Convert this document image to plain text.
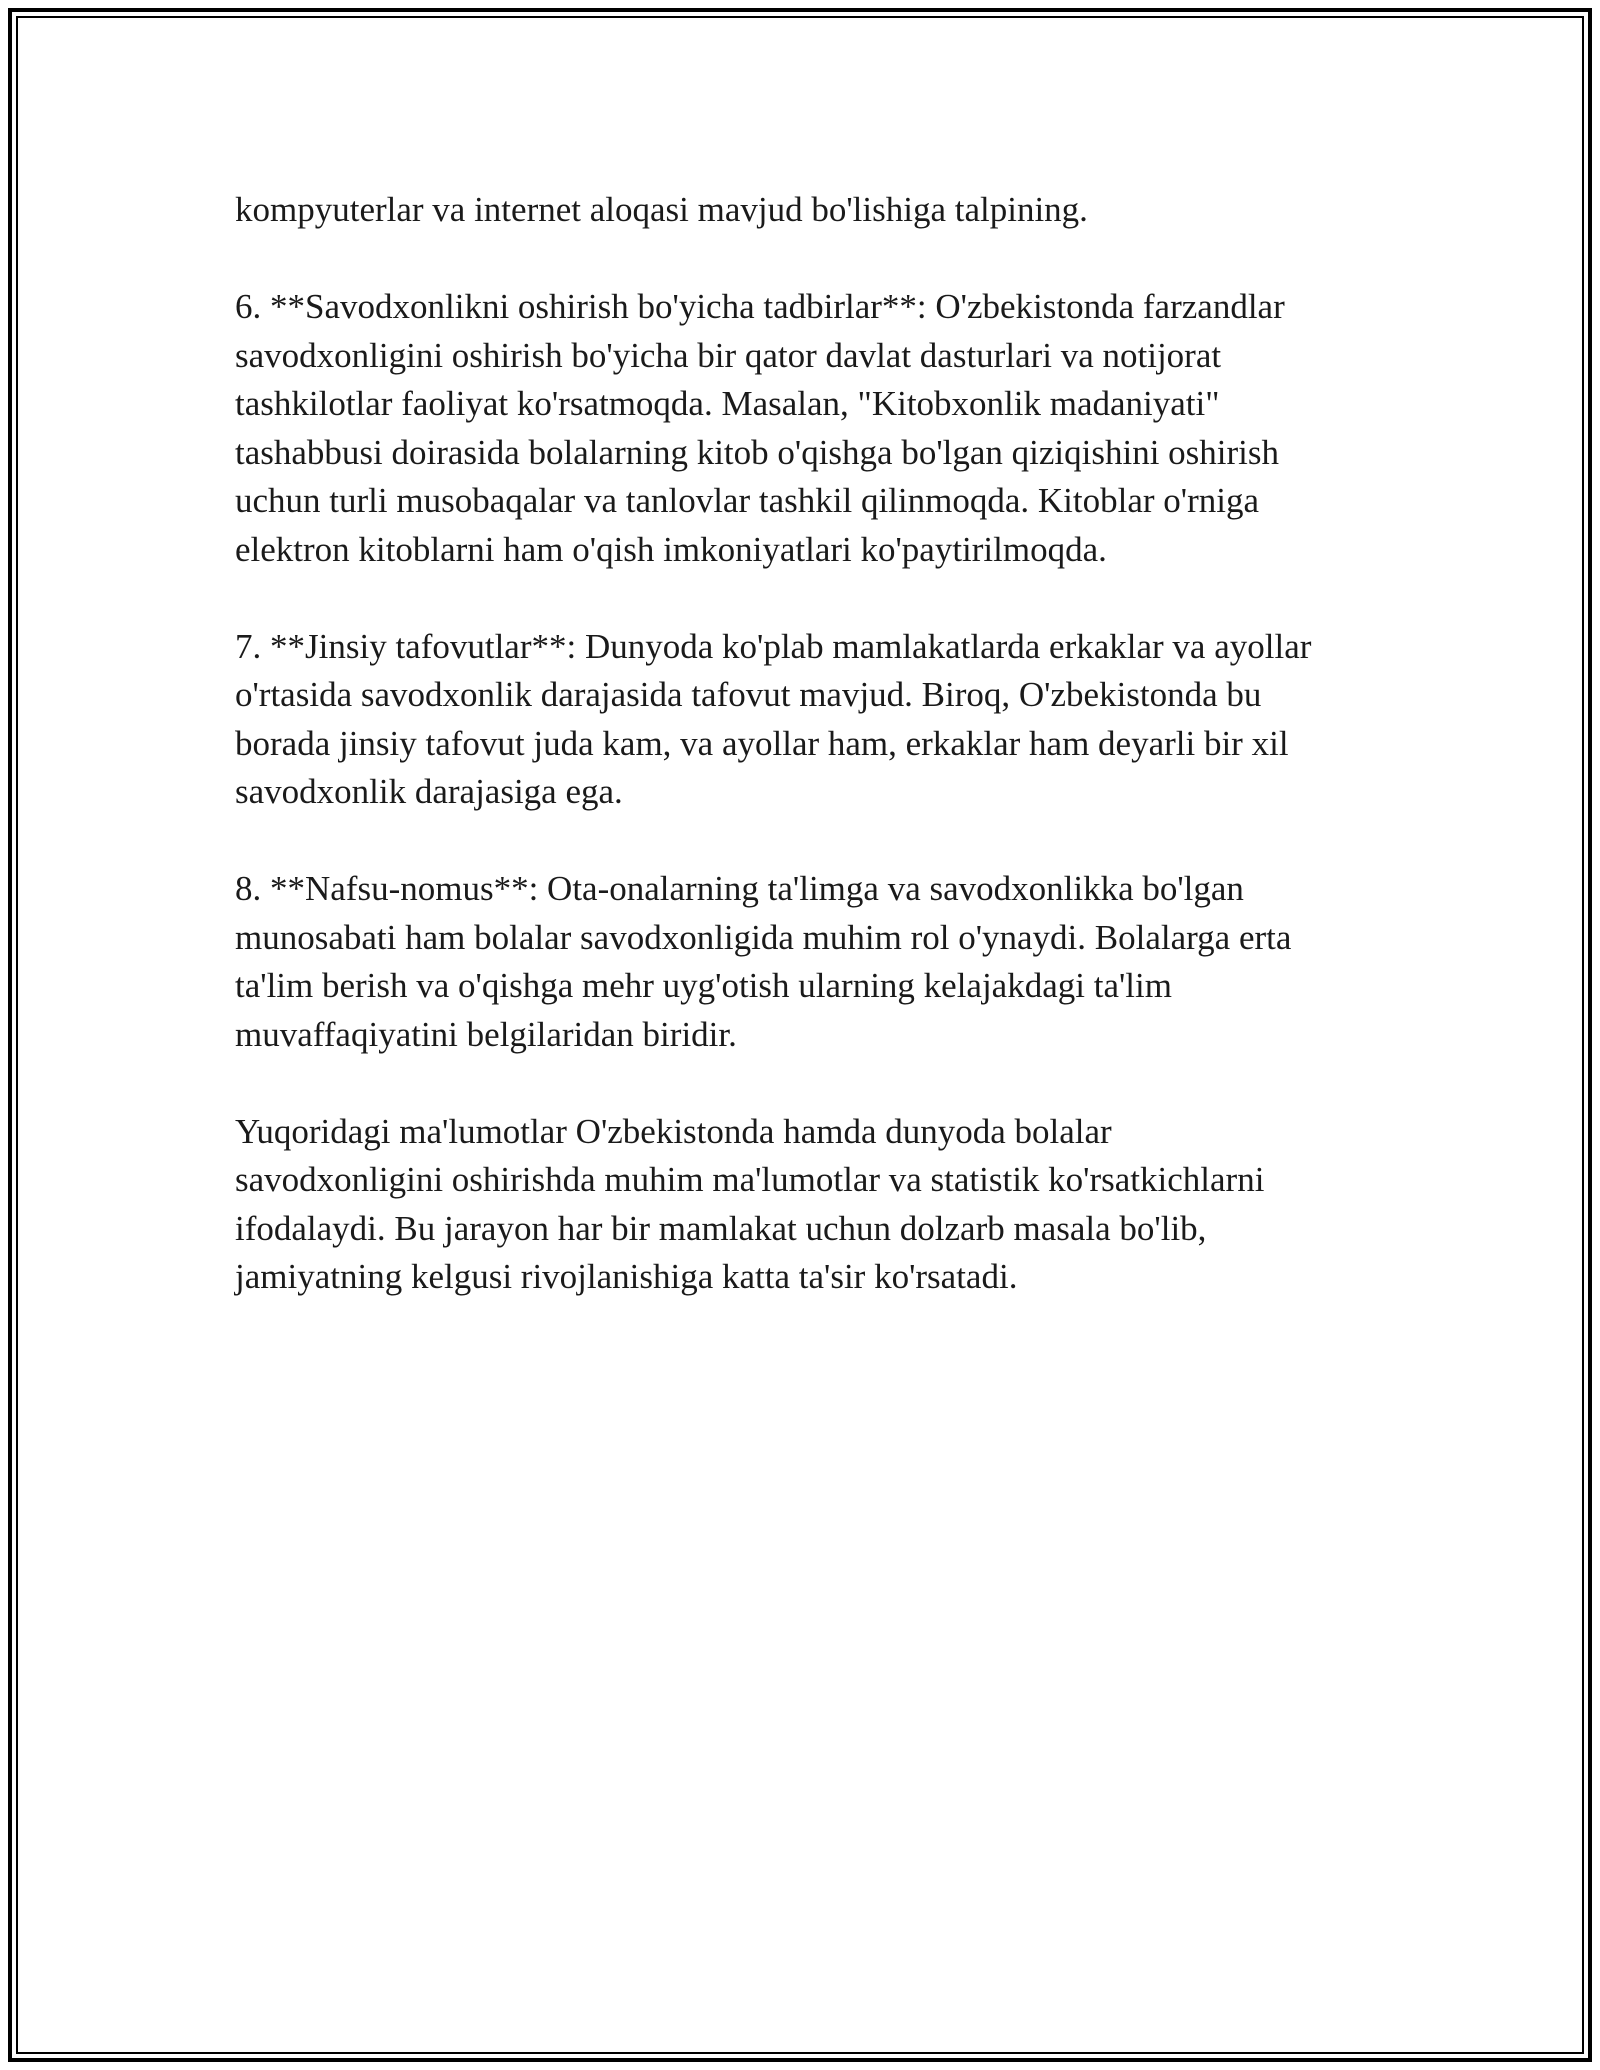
kompyuterlar va internet aloqasi mavjud bo'lishiga talpining.

6. **Savodxonlikni oshirish bo'yicha tadbirlar**: O'zbekistonda farzandlar
savodxonligini oshirish bo'yicha bir qator davlat dasturlari va notijorat
tashkilotlar faoliyat ko'rsatmoqda. Masalan, "Kitobxonlik madaniyati"
tashabbusi doirasida bolalarning kitob o'qishga bo'lgan qiziqishini oshirish
uchun turli musobaqalar va tanlovlar tashkil qilinmoqda. Kitoblar o'rniga
elektron kitoblarni ham o'qish imkoniyatlari ko'paytirilmoqda.

7. **Jinsiy tafovutlar**: Dunyoda ko'plab mamlakatlarda erkaklar va ayollar
o'rtasida savodxonlik darajasida tafovut mavjud. Biroq, O'zbekistonda bu
borada jinsiy tafovut juda kam, va ayollar ham, erkaklar ham deyarli bir xil
savodxonlik darajasiga ega.

8. **Nafsu-nomus**: Ota-onalarning ta'limga va savodxonlikka bo'lgan
munosabati ham bolalar savodxonligida muhim rol o'ynaydi. Bolalarga erta
ta'lim berish va o'qishga mehr uyg'otish ularning kelajakdagi ta'lim
muvaffaqiyatini belgilaridan biridir.

Yuqoridagi ma'lumotlar O'zbekistonda hamda dunyoda bolalar
savodxonligini oshirishda muhim ma'lumotlar va statistik ko'rsatkichlarni
ifodalaydi. Bu jarayon har bir mamlakat uchun dolzarb masala bo'lib,
jamiyatning kelgusi rivojlanishiga katta ta'sir ko'rsatadi.
